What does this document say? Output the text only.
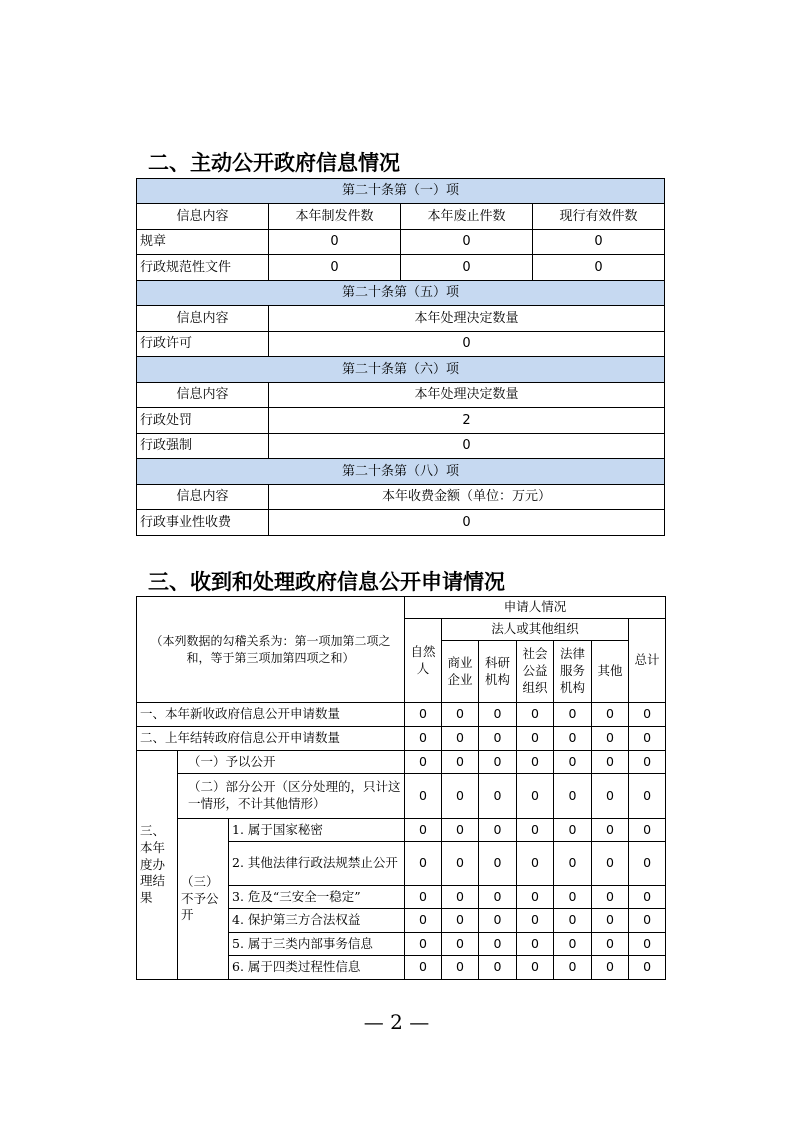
二、主动公开政府信息情况
第二十条第（一）项			
信息内容	本年制发件数	本年废止件数	现行有效件数
规章	0	0	0
行政规范性文件	0	0	0
第二十条第（五）项			
信息内容	本年处理决定数量		
行政许可	0		
第二十条第（六）项			
信息内容	本年处理决定数量		
行政处罚	2		
行政强制	0		
第二十条第（八）项			
信息内容	本年收费金额（单位：万元）		
行政事业性收费	0		
三、收到和处理政府信息公开申请情况
（本列数据的勾稽关系为：第一项加第二项之和，等于第三项加第四项之和）			申请人情况						
			自然人	法人或其他组织					总计
				商业企业	科研机构	社会公益组织	法律服务机构	其他	
一、本年新收政府信息公开申请数量			0	0	0	0	0	0	0
二、上年结转政府信息公开申请数量			0	0	0	0	0	0	0
三、本年度办理结果	（一）予以公开		0	0	0	0	0	0	0
	（二）部分公开（区分处理的，只计这一情形，不计其他情形）		0	0	0	0	0	0	0
	（三）不予公开	1. 属于国家秘密	0	0	0	0	0	0	0
		2. 其他法律行政法规禁止公开	0	0	0	0	0	0	0
		3. 危及“三安全一稳定”	0	0	0	0	0	0	0
		4. 保护第三方合法权益	0	0	0	0	0	0	0
		5. 属于三类内部事务信息	0	0	0	0	0	0	0
		6. 属于四类过程性信息	0	0	0	0	0	0	0
— 2 —
